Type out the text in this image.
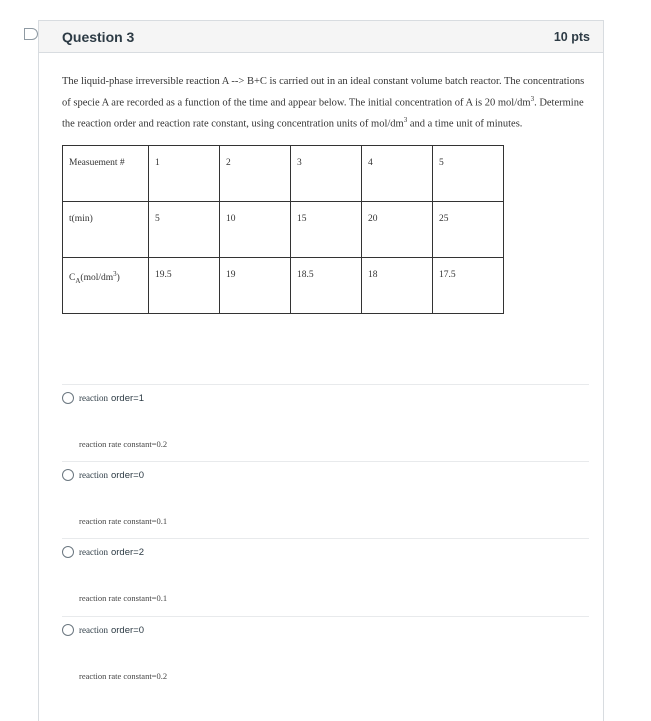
Question 3	10 pts

The liquid-phase irreversible reaction A --> B+C is carried out in an ideal constant volume batch reactor. The concentrations of specie A are recorded as a function of the time and appear below. The initial concentration of A is 20 mol/$dm^3$. Determine the reaction order and reaction rate constant, using concentration units of mol/$dm^3$ and a time unit of minutes.

Measuement #	1	2	3	4	5
t(min)	5	10	15	20	25
$C_A(mol/dm^3)$	19.5	19	18.5	18	17.5
reaction order=1
reaction rate constant=0.2
reaction order=0
reaction rate constant=0.1
reaction order=2
reaction rate constant=0.1
reaction order=0
reaction rate constant=0.2
